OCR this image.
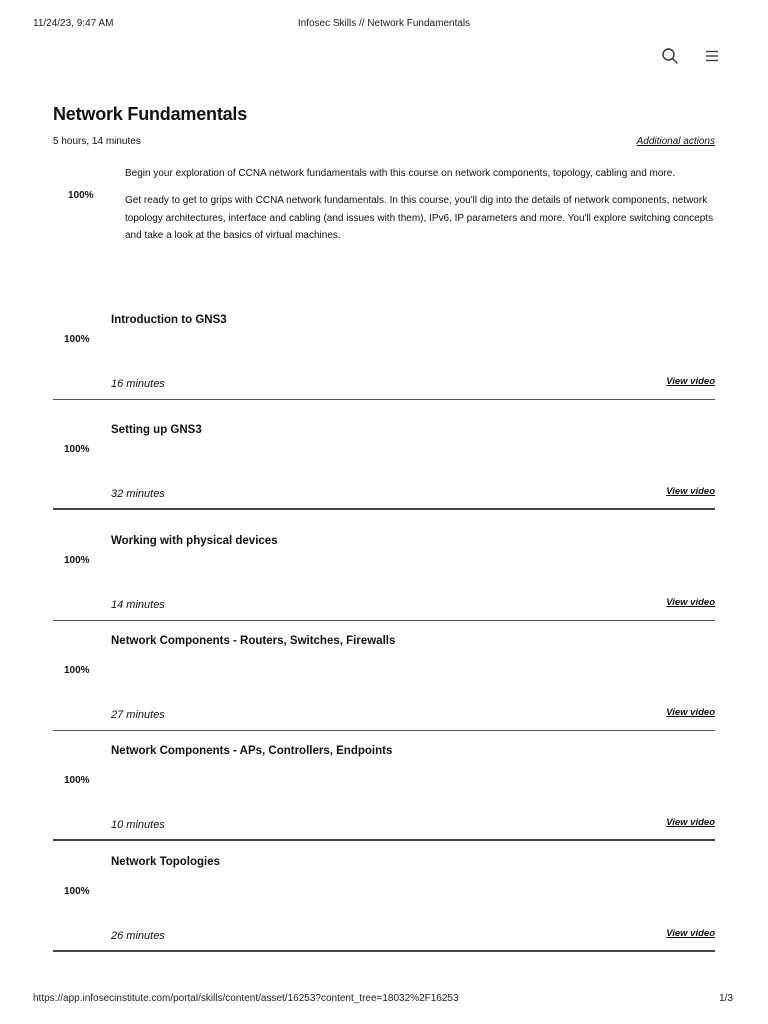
11/24/23, 9:47 AM	Infosec Skills // Network Fundamentals
Network Fundamentals
5 hours, 14 minutes	Additional actions
100%

Begin your exploration of CCNA network fundamentals with this course on network components, topology, cabling and more.

Get ready to get to grips with CCNA network fundamentals. In this course, you'll dig into the details of network components, network topology architectures, interface and cabling (and issues with them), IPv6, IP parameters and more. You'll explore switching concepts and take a look at the basics of virtual machines.

100%
Introduction to GNS3
16 minutes	View video
100%
Setting up GNS3
32 minutes	View video
100%
Working with physical devices
14 minutes	View video
100%
Network Components - Routers, Switches, Firewalls
27 minutes	View video
100%
Network Components - APs, Controllers, Endpoints
10 minutes	View video
100%
Network Topologies
26 minutes	View video
https://app.infosecinstitute.com/portal/skills/content/asset/16253?content_tree=18032%2F16253	1/3
